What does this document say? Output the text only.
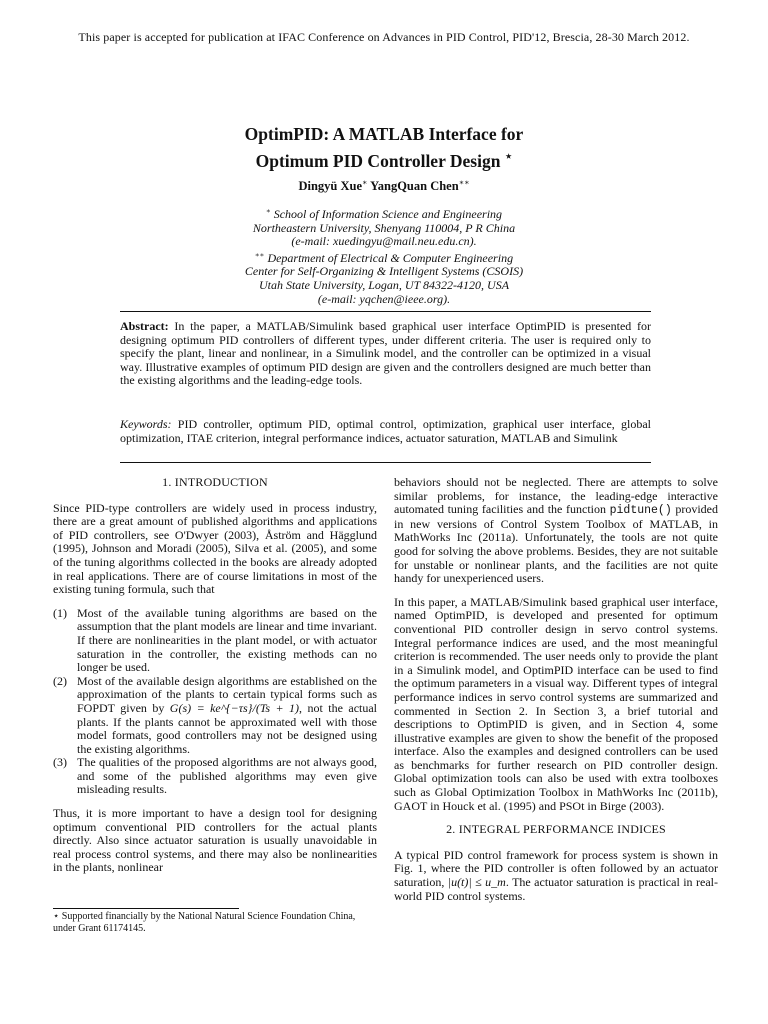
This paper is accepted for publication at IFAC Conference on Advances in PID Control, PID'12, Brescia, 28-30 March 2012.
OptimPID: A MATLAB Interface for
Optimum PID Controller Design ⋆
Dingyü Xue∗ YangQuan Chen∗∗
∗ School of Information Science and Engineering
Northeastern University, Shenyang 110004, P R China
(e-mail: xuedingyu@mail.neu.edu.cn).
∗∗ Department of Electrical & Computer Engineering
Center for Self-Organizing & Intelligent Systems (CSOIS)
Utah State University, Logan, UT 84322-4120, USA
(e-mail: yqchen@ieee.org).
Abstract: In the paper, a MATLAB/Simulink based graphical user interface OptimPID is presented for designing optimum PID controllers of different types, under different criteria. The user is required only to specify the plant, linear and nonlinear, in a Simulink model, and the controller can be optimized in a visual way. Illustrative examples of optimum PID design are given and the controllers designed are much better than the existing algorithms and the leading-edge tools.
Keywords: PID controller, optimum PID, optimal control, optimization, graphical user interface, global optimization, ITAE criterion, integral performance indices, actuator saturation, MATLAB and Simulink
1. INTRODUCTION

Since PID-type controllers are widely used in process industry, there are a great amount of published algorithms and applications of PID controllers, see O'Dwyer (2003), Åström and Hägglund (1995), Johnson and Moradi (2005), Silva et al. (2005), and some of the tuning algorithms collected in the books are already adopted in real applications. There are of course limitations in most of the existing tuning formula, such that

(1) Most of the available tuning algorithms are based on the assumption that the plant models are linear and time invariant. If there are nonlinearities in the plant model, or with actuator saturation in the controller, the existing methods can no longer be used.
(2) Most of the available design algorithms are established on the approximation of the plants to certain typical forms such as FOPDT given by G(s) = ke^{−τs}/(Ts + 1), not the actual plants. If the plants cannot be approximated well with those model formats, good controllers may not be designed using the existing algorithms.
(3) The qualities of the proposed algorithms are not always good, and some of the published algorithms may even give misleading results.

Thus, it is more important to have a design tool for designing optimum conventional PID controllers for the actual plants directly. Also since actuator saturation is usually unavoidable in real process control systems, and there may also be nonlinearities in the plants, nonlinear

behaviors should not be neglected. There are attempts to solve similar problems, for instance, the leading-edge interactive automated tuning facilities and the function pidtune() provided in new versions of Control System Toolbox of MATLAB, in MathWorks Inc (2011a). Unfortunately, the tools are not quite good for solving the above problems. Besides, they are not suitable for unstable or nonlinear plants, and the facilities are not quite handy for unexperienced users.

In this paper, a MATLAB/Simulink based graphical user interface, named OptimPID, is developed and presented for optimum conventional PID controller design in servo control systems. Integral performance indices are used, and the most meaningful criterion is recommended. The user needs only to provide the plant in a Simulink model, and OptimPID interface can be used to find the optimum parameters in a visual way. Different types of integral performance indices in servo control systems are summarized and commented in Section 2. In Section 3, a brief tutorial and descriptions to OptimPID is given, and in Section 4, some illustrative examples are given to show the benefit of the proposed interface. Also the examples and designed controllers can be used as benchmarks for further research on PID controller design. Global optimization tools can also be used with extra toolboxes such as Global Optimization Toolbox in MathWorks Inc (2011b), GAOT in Houck et al. (1995) and PSOt in Birge (2003).

2. INTEGRAL PERFORMANCE INDICES

A typical PID control framework for process system is shown in Fig. 1, where the PID controller is often followed by an actuator saturation, |u(t)| ≤ u_m. The actuator saturation is practical in real-world PID control systems.

⋆ Supported financially by the National Natural Science Foundation China, under Grant 61174145.
